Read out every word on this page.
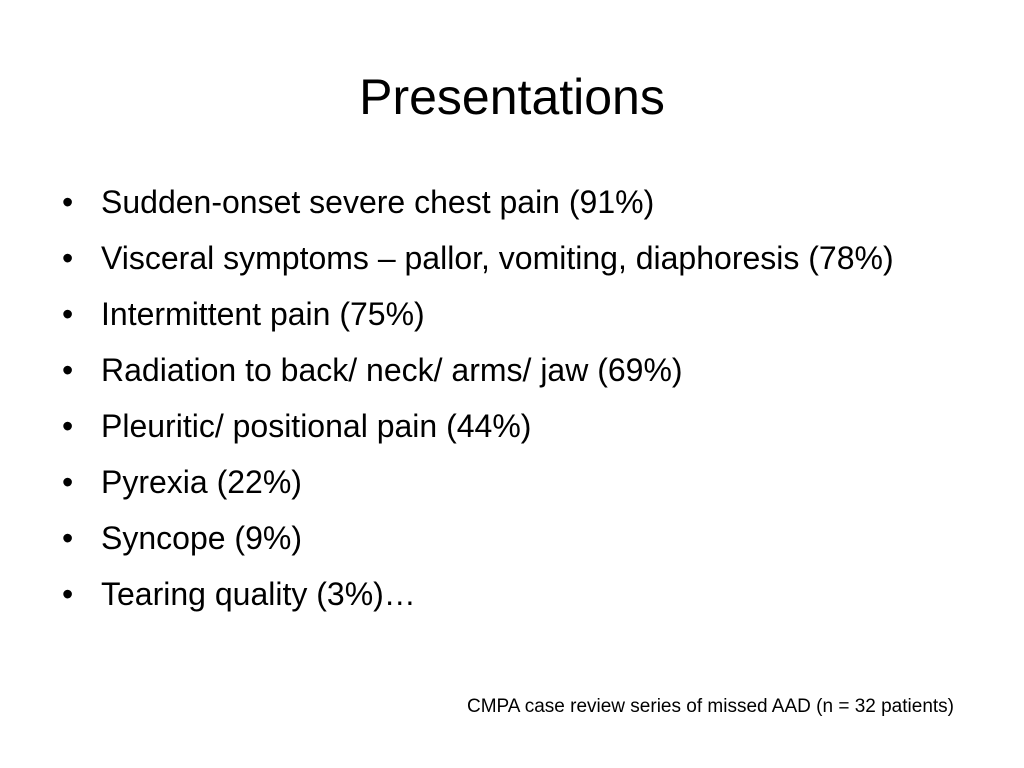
Presentations
• Sudden-onset severe chest pain (91%)
• Visceral symptoms – pallor, vomiting, diaphoresis (78%)
• Intermittent pain (75%)
• Radiation to back/ neck/ arms/ jaw (69%)
• Pleuritic/ positional pain (44%)
• Pyrexia (22%)
• Syncope (9%)
• Tearing quality (3%)…
CMPA case review series of missed AAD (n = 32 patients)
